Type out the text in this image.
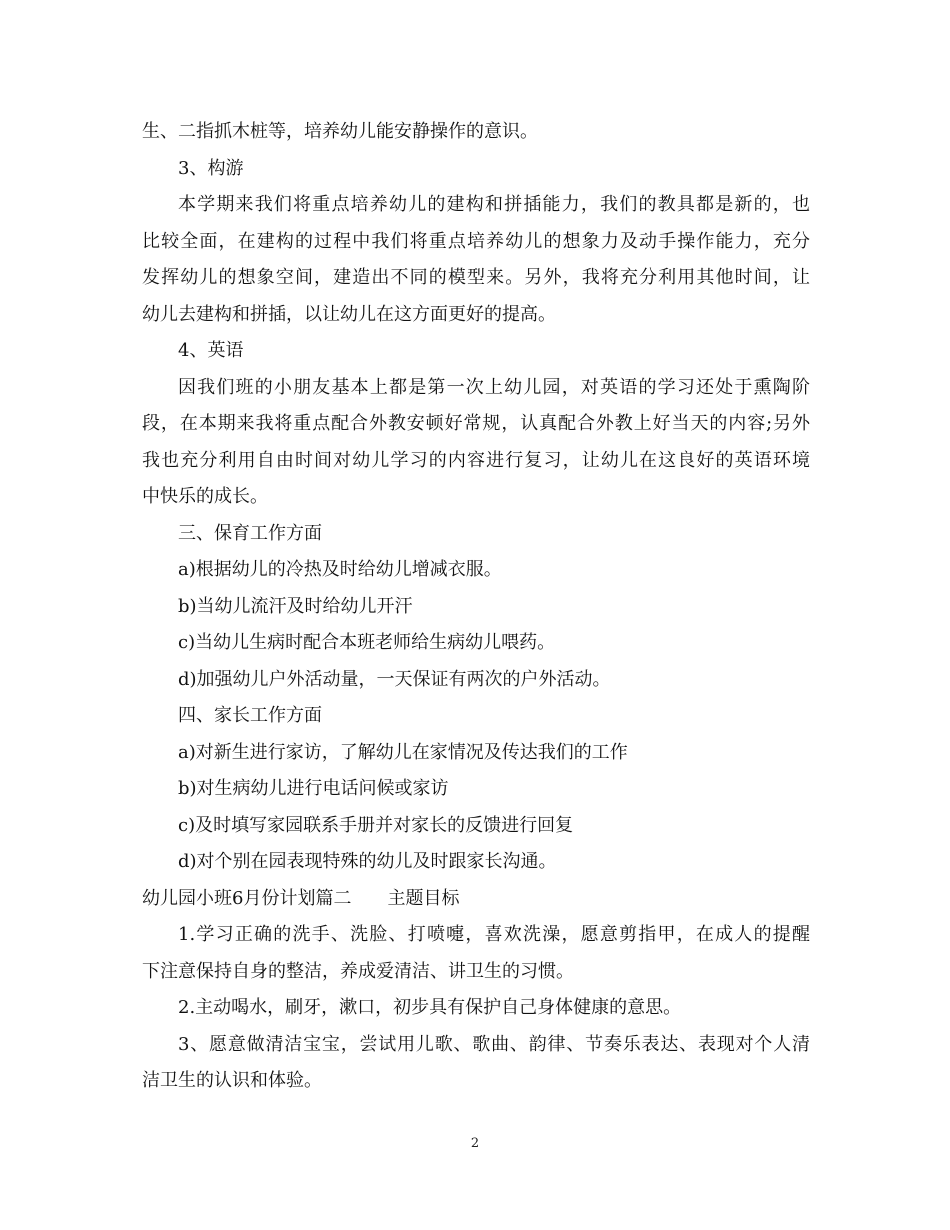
生、二指抓木桩等，培养幼儿能安静操作的意识。

3、构游

本学期来我们将重点培养幼儿的建构和拼插能力，我们的教具都是新的，也

比较全面，在建构的过程中我们将重点培养幼儿的想象力及动手操作能力，充分

发挥幼儿的想象空间，建造出不同的模型来。另外，我将充分利用其他时间，让

幼儿去建构和拼插，以让幼儿在这方面更好的提高。

4、英语

因我们班的小朋友基本上都是第一次上幼儿园，对英语的学习还处于熏陶阶

段，在本期来我将重点配合外教安顿好常规，认真配合外教上好当天的内容;另外

我也充分利用自由时间对幼儿学习的内容进行复习，让幼儿在这良好的英语环境

中快乐的成长。

三、保育工作方面

a)根据幼儿的冷热及时给幼儿增减衣服。

b)当幼儿流汗及时给幼儿开汗

c)当幼儿生病时配合本班老师给生病幼儿喂药。

d)加强幼儿户外活动量，一天保证有两次的户外活动。

四、家长工作方面

a)对新生进行家访，了解幼儿在家情况及传达我们的工作

b)对生病幼儿进行电话问候或家访

c)及时填写家园联系手册并对家长的反馈进行回复

d)对个别在园表现特殊的幼儿及时跟家长沟通。

幼儿园小班6月份计划篇二 主题目标

1.学习正确的洗手、洗脸、打喷嚏，喜欢洗澡，愿意剪指甲，在成人的提醒

下注意保持自身的整洁，养成爱清洁、讲卫生的习惯。

2.主动喝水，刷牙，漱口，初步具有保护自己身体健康的意思。

3、愿意做清洁宝宝，尝试用儿歌、歌曲、韵律、节奏乐表达、表现对个人清

洁卫生的认识和体验。

2
